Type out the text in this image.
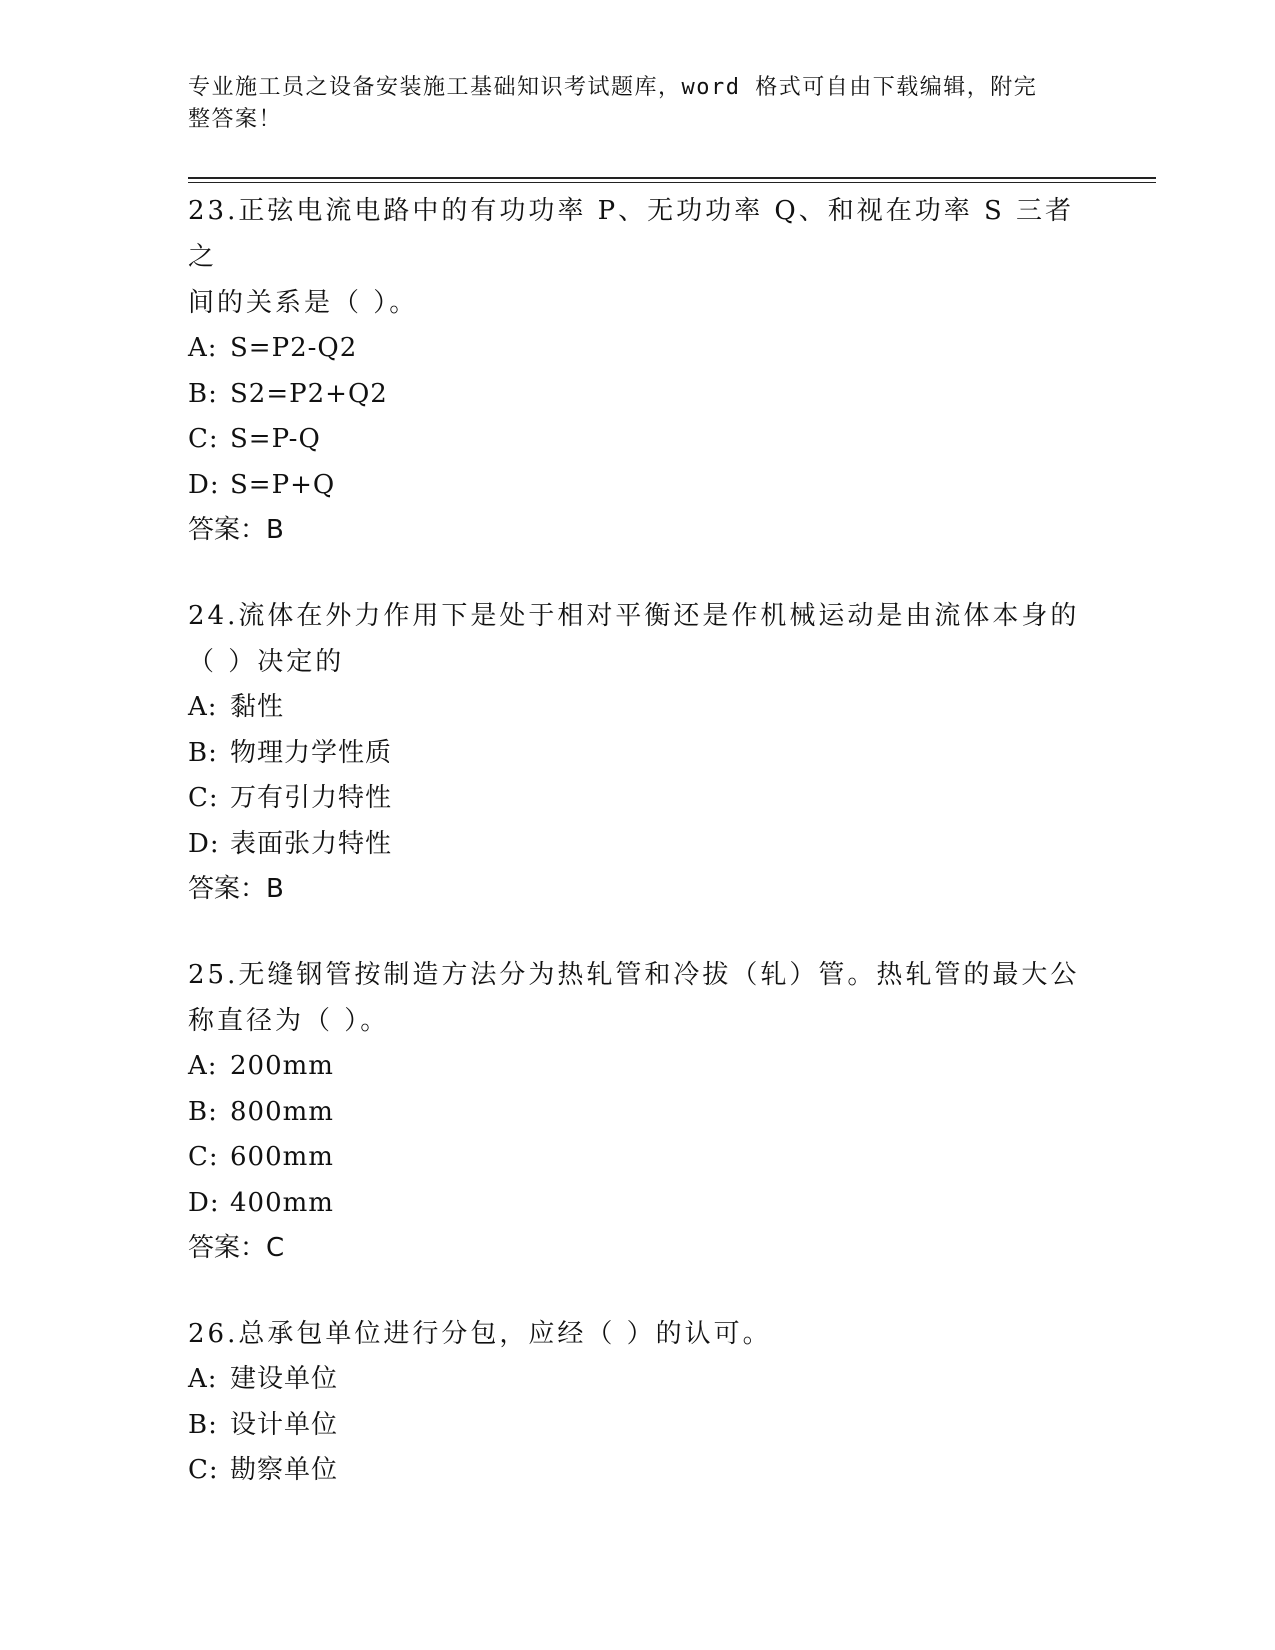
专业施工员之设备安装施工基础知识考试题库，word 格式可自由下载编辑，附完
整答案！

23.正弦电流电路中的有功功率 P、无功功率 Q、和视在功率 S 三者之
间的关系是（ ）。

A: S=P2-Q2

B: S2=P2+Q2

C: S=P-Q

D: S=P+Q

答案：B

24.流体在外力作用下是处于相对平衡还是作机械运动是由流体本身的
（ ）决定的

A: 黏性

B: 物理力学性质

C: 万有引力特性

D: 表面张力特性

答案：B

25.无缝钢管按制造方法分为热轧管和冷拔（轧）管。热轧管的最大公
称直径为（ ）。

A: 200mm

B: 800mm

C: 600mm

D: 400mm

答案：C

26.总承包单位进行分包，应经（ ）的认可。

A: 建设单位

B: 设计单位

C: 勘察单位
